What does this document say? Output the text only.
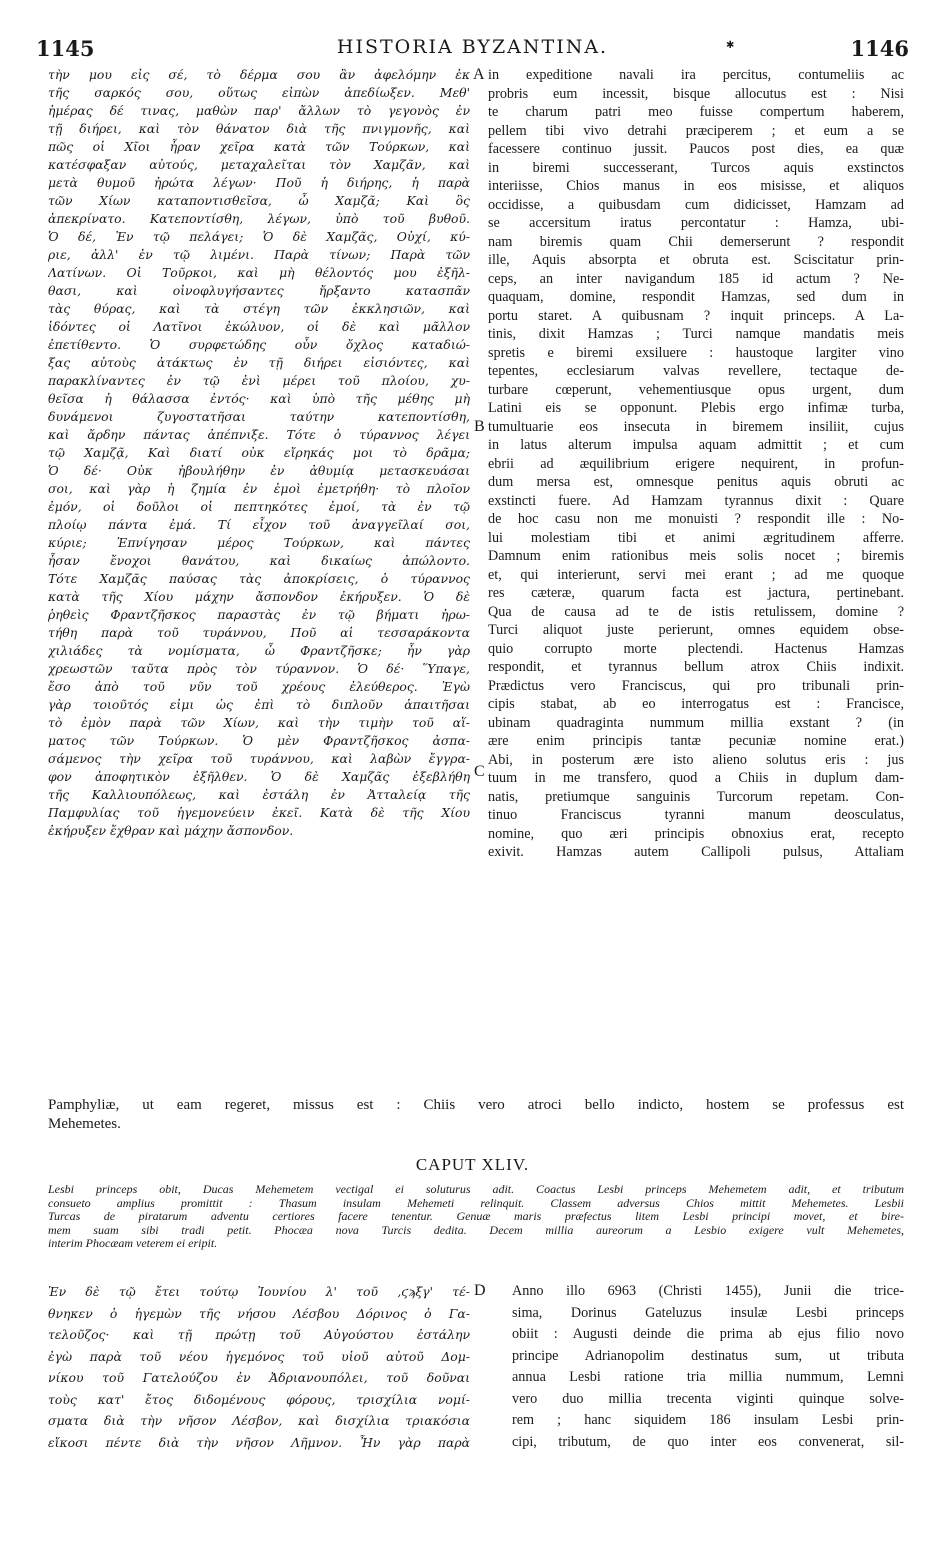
1145	HISTORIA BYZANTINA.	✱	1146

τὴν μου εἰς σέ, τὸ δέρμα σου ἂν ἀφελόμην ἐκ

τῆς σαρκός σου, οὕτως εἰπὼν ἀπεδίωξεν. Μεθ'

ἡμέρας δέ τινας, μαθὼν παρ' ἄλλων τὸ γεγονὸς ἐν

τῇ διήρει, καὶ τὸν θάνατον διὰ τῆς πνιγμονῆς, καὶ

πῶς οἱ Χῖοι ἦραν χεῖρα κατὰ τῶν Τούρκων, καὶ

κατέσφαξαν αὐτούς, μεταχαλεῖται τὸν Χαμζᾶν, καὶ

μετὰ θυμοῦ ἠρώτα λέγων· Ποῦ ἡ διήρης, ἡ παρὰ

τῶν Χίων καταποντισθεῖσα, ὦ Χαμζᾶ; Καὶ ὃς

ἀπεκρίνατο. Κατεποντίσθη, λέγων, ὑπὸ τοῦ βυθοῦ.

Ὁ δέ, Ἐν τῷ πελάγει; Ὁ δὲ Χαμζᾶς, Οὐχί, κύ-

ριε, ἀλλ' ἐν τῷ λιμένι. Παρὰ τίνων; Παρὰ τῶν

Λατίνων. Οἱ Τοῦρκοι, καὶ μὴ θέλοντός μου ἐξῆλ-

θασι, καὶ οἰνοφλυγήσαντες ἤρξαντο κατασπᾶν

τὰς θύρας, καὶ τὰ στέγη τῶν ἐκκλησιῶν, καὶ

ἰδόντες οἱ Λατῖνοι ἐκώλυον, οἱ δὲ καὶ μᾶλλον

ἐπετίθεντο. Ὁ συρφετώδης οὖν ὄχλος καταδιώ-

ξας αὐτοὺς ἀτάκτως ἐν τῇ διήρει εἰσιόντες, καὶ

παρακλίναντες ἐν τῷ ἑνὶ μέρει τοῦ πλοίου, χυ-

θεῖσα ἡ θάλασσα ἐντός· καὶ ὑπὸ τῆς μέθης μὴ

δυνάμενοι ζυγοστατῆσαι ταύτην κατεποντίσθη,

καὶ ἄρδην πάντας ἀπέπνιξε. Τότε ὁ τύραννος λέγει

τῷ Χαμζᾷ, Καὶ διατί οὐκ εἴρηκάς μοι τὸ δρᾶμα;

Ὁ δέ· Οὐκ ἠβουλήθην ἐν ἀθυμίᾳ μετασκευάσαι

σοι, καὶ γὰρ ἡ ζημία ἐν ἐμοὶ ἐμετρήθη· τὸ πλοῖον

ἐμόν, οἱ δοῦλοι οἱ πεπτηκότες ἐμοί, τὰ ἐν τῷ

πλοίῳ πάντα ἐμά. Τί εἶχον τοῦ ἀναγγεῖλαί σοι,

κύριε; Ἐπνίγησαν μέρος Τούρκων, καὶ πάντες

ἦσαν ἔνοχοι θανάτου, καὶ δικαίως ἀπώλοντο.

Τότε Χαμζᾶς παύσας τὰς ἀποκρίσεις, ὁ τύραννος

κατὰ τῆς Χίου μάχην ἄσπονδον ἐκήρυξεν. Ὁ δὲ

ῥηθεὶς Φραντζῆσκος παραστὰς ἐν τῷ βήματι ἠρω-

τήθη παρὰ τοῦ τυράννου, Ποῦ αἱ τεσσαράκοντα

χιλιάδες τὰ νομίσματα, ὦ Φραντζῆσκε; ἦν γὰρ

χρεωστῶν ταῦτα πρὸς τὸν τύραννον. Ὁ δέ· Ὕπαγε,

ἔσο ἀπὸ τοῦ νῦν τοῦ χρέους ἐλεύθερος. Ἐγὼ

γὰρ τοιοῦτός εἰμι ὡς ἐπὶ τὸ διπλοῦν ἀπαιτῆσαι

τὸ ἐμὸν παρὰ τῶν Χίων, καὶ τὴν τιμὴν τοῦ αἵ-

ματος τῶν Τούρκων. Ὁ μὲν Φραντζῆσκος ἀσπα-

σάμενος τὴν χεῖρα τοῦ τυράννου, καὶ λαβὼν ἔγγρα-

φον ἀποφητικὸν ἐξῆλθεν. Ὁ δὲ Χαμζᾶς ἐξεβλήθη

τῆς Καλλιουπόλεως, καὶ ἐστάλη ἐν Ἀτταλείᾳ τῆς

Παμφυλίας τοῦ ἡγεμονεύειν ἐκεῖ. Κατὰ δὲ τῆς Χίου

ἐκήρυξεν ἔχθραν καὶ μάχην ἄσπονδον.

in expeditione navali ira percitus, contumeliis ac

probris eum incessit, bisque allocutus est : Nisi

te charum patri meo fuisse compertum haberem,

pellem tibi vivo detrahi præciperem ; et eum a se

facessere continuo jussit. Paucos post dies, ea quæ

in biremi successerant, Turcos aquis exstinctos

interiisse, Chios manus in eos misisse, et aliquos

occidisse, a quibusdam cum didicisset, Hamzam ad

se accersitum iratus percontatur : Hamza, ubi-

nam biremis quam Chii demerserunt ? respondit

ille, Aquis absorpta et obruta est. Sciscitatur prin-

ceps, an inter navigandum 185 id actum ? Ne-

quaquam, domine, respondit Hamzas, sed dum in

portu staret. A quibusnam ? inquit princeps. A La-

tinis, dixit Hamzas ; Turci namque mandatis meis

spretis e biremi exsiluere : haustoque largiter vino

tepentes, ecclesiarum valvas revellere, tectaque de-

turbare cœperunt, vehementiusque opus urgent, dum

Latini eis se opponunt. Plebis ergo infimæ turba,

tumultuarie eos insecuta in biremem insiliit, cujus

in latus alterum impulsa aquam admittit ; et cum

ebrii ad æquilibrium erigere nequirent, in profun-

dum mersa est, omnesque penitus aquis obruti ac

exstincti fuere. Ad Hamzam tyrannus dixit : Quare

de hoc casu non me monuisti ? respondit ille : No-

lui molestiam tibi et animi ægritudinem afferre.

Damnum enim rationibus meis solis nocet ; biremis

et, qui interierunt, servi mei erant ; ad me quoque

res cæteræ, quarum facta est jactura, pertinebant.

Qua de causa ad te de istis retulissem, domine ?

Turci aliquot juste perierunt, omnes equidem obse-

quio corrupto morte plectendi. Hactenus Hamzas

respondit, et tyrannus bellum atrox Chiis indixit.

Prædictus vero Franciscus, qui pro tribunali prin-

cipis stabat, ab eo interrogatus est : Francisce,

ubinam quadraginta nummum millia exstant ? (in

ære enim principis tantæ pecuniæ nomine erat.)

Abi, in posterum ære isto alieno solutus eris : jus

tuum in me transfero, quod a Chiis in duplum dam-

natis, pretiumque sanguinis Turcorum repetam. Con-

tinuo Franciscus tyranni manum deosculatus,

nomine, quo æri principis obnoxius erat, recepto

exivit. Hamzas autem Callipoli pulsus, Attaliam

A
B
C
D

Pamphyliæ, ut eam regeret, missus est : Chiis vero atroci bello indicto, hostem se professus est

Mehemetes.

CAPUT XLIV.

Lesbi princeps obit, Ducas Mehemetem vectigal ei soluturus adit. Coactus Lesbi princeps Mehemetem adit, et tributum

consueto amplius promittit : Thasum insulam Mehemeti relinquit. Classem adversus Chios mittit Mehemetes. Lesbii

Turcas de piratarum adventu certiores facere tenentur. Genuæ maris præfectus litem Lesbi principi movet, et bire-

mem suam sibi tradi petit. Phocæa nova Turcis dedita. Decem millia aureorum a Lesbio exigere vult Mehemetes,

interim Phocæam veterem ei eripit.

Ἐν δὲ τῷ ἔτει τούτῳ Ἰουνίου λ' τοῦ ,ϛϡξγ' τέ-

θνηκεν ὁ ἡγεμὼν τῆς νήσου Λέσβου Δόρινος ὁ Γα-

τελοῦζος· καὶ τῇ πρώτῃ τοῦ Αὐγούστου ἐστάλην

ἐγὼ παρὰ τοῦ νέου ἡγεμόνος τοῦ υἱοῦ αὐτοῦ Δομ-

νίκου τοῦ Γατελούζου ἐν Ἀδριανουπόλει, τοῦ δοῦναι

τοὺς κατ' ἔτος διδομένους φόρους, τρισχίλια νομί-

σματα διὰ τὴν νῆσον Λέσβον, καὶ δισχίλια τριακόσια

εἴκοσι πέντε διὰ τὴν νῆσον Λῆμνον. Ἦν γὰρ παρὰ

Anno illo 6963 (Christi 1455), Junii die trice-

sima, Dorinus Gateluzus insulæ Lesbi princeps

obiit : Augusti deinde die prima ab ejus filio novo

principe Adrianopolim destinatus sum, ut tributa

annua Lesbi ratione tria millia nummum, Lemni

vero duo millia trecenta viginti quinque solve-

rem ; hanc siquidem 186 insulam Lesbi prin-

cipi, tributum, de quo inter eos convenerat, sil-
